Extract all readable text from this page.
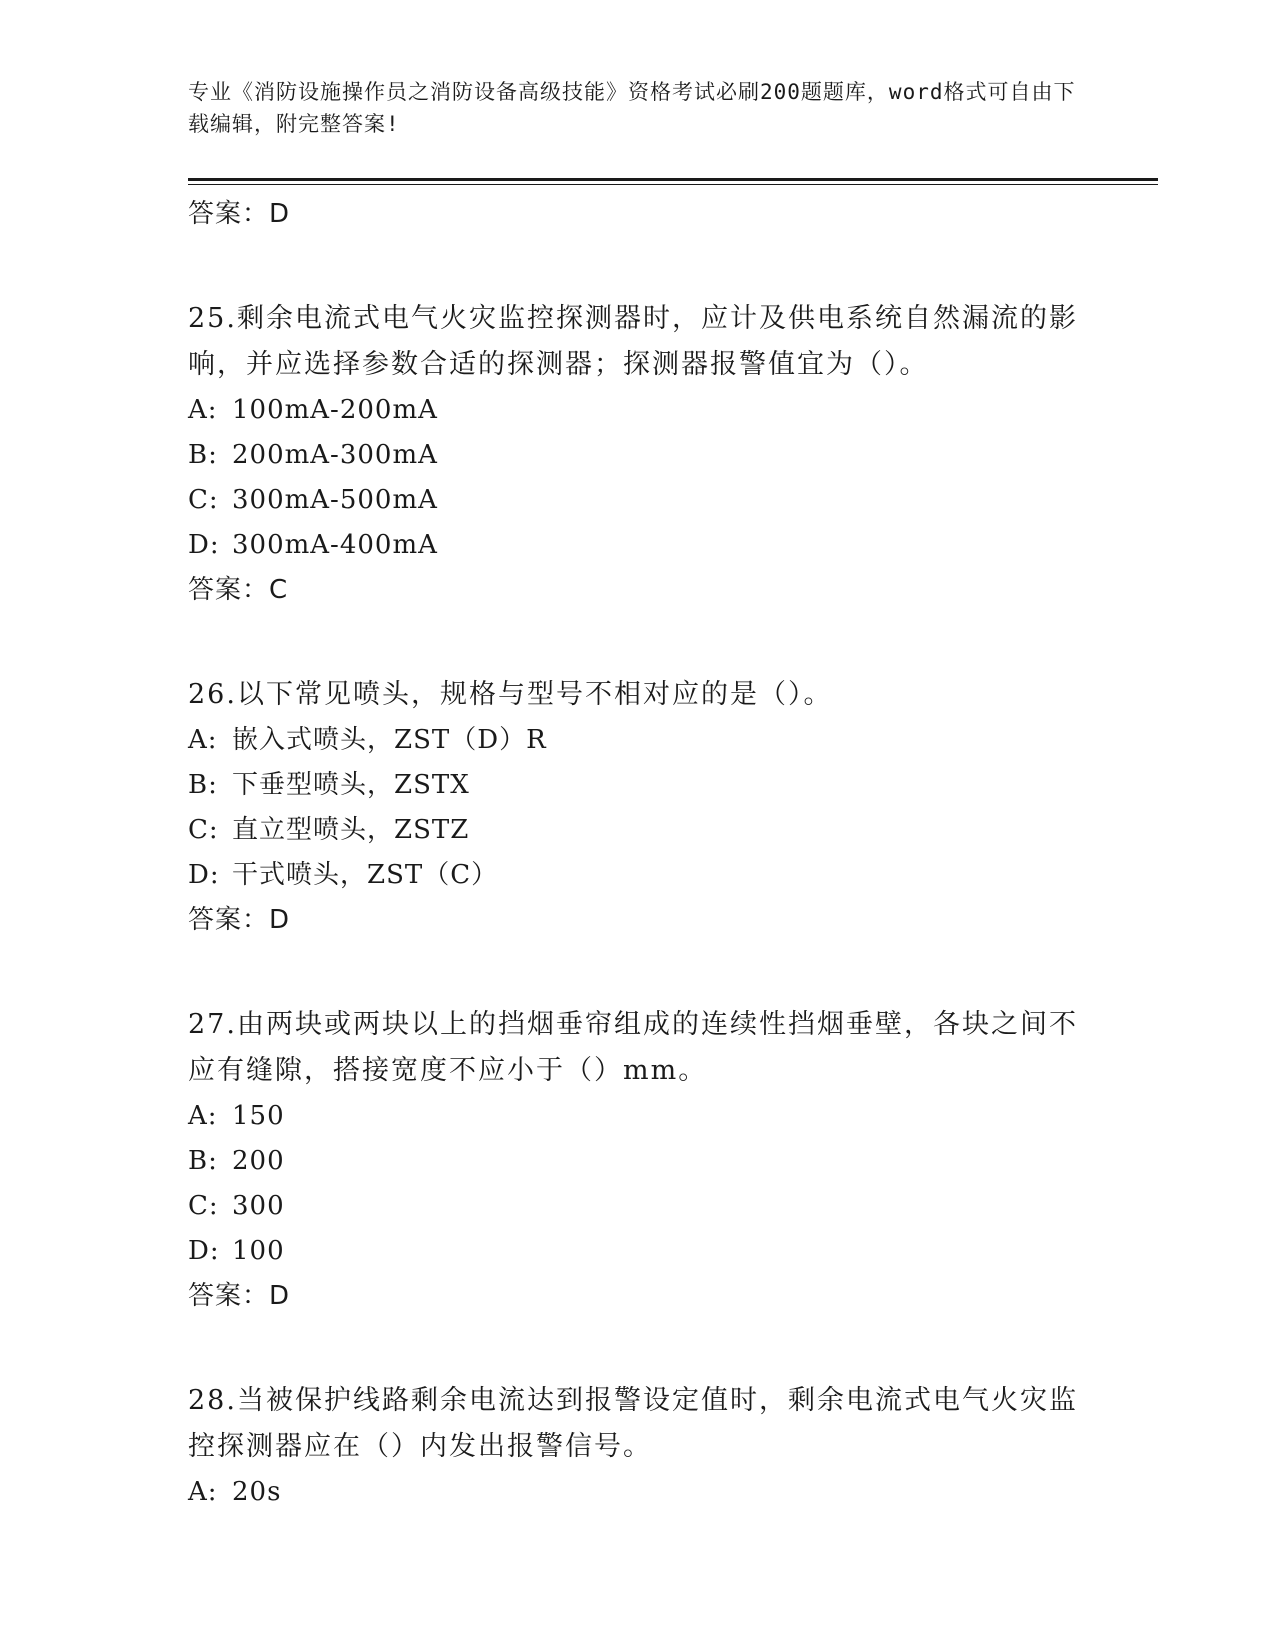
专业《消防设施操作员之消防设备高级技能》资格考试必刷200题题库，word格式可自由下载编辑，附完整答案!
答案：D
25.剩余电流式电气火灾监控探测器时，应计及供电系统自然漏流的影响，并应选择参数合适的探测器；探测器报警值宜为（）。
A: 100mA-200mA
B: 200mA-300mA
C: 300mA-500mA
D: 300mA-400mA
答案：C
26.以下常见喷头，规格与型号不相对应的是（）。
A: 嵌入式喷头，ZST（D）R
B: 下垂型喷头，ZSTX
C: 直立型喷头，ZSTZ
D: 干式喷头，ZST（C）
答案：D
27.由两块或两块以上的挡烟垂帘组成的连续性挡烟垂壁，各块之间不应有缝隙，搭接宽度不应小于（）mm。
A: 150
B: 200
C: 300
D: 100
答案：D
28.当被保护线路剩余电流达到报警设定值时，剩余电流式电气火灾监控探测器应在（）内发出报警信号。
A: 20s
